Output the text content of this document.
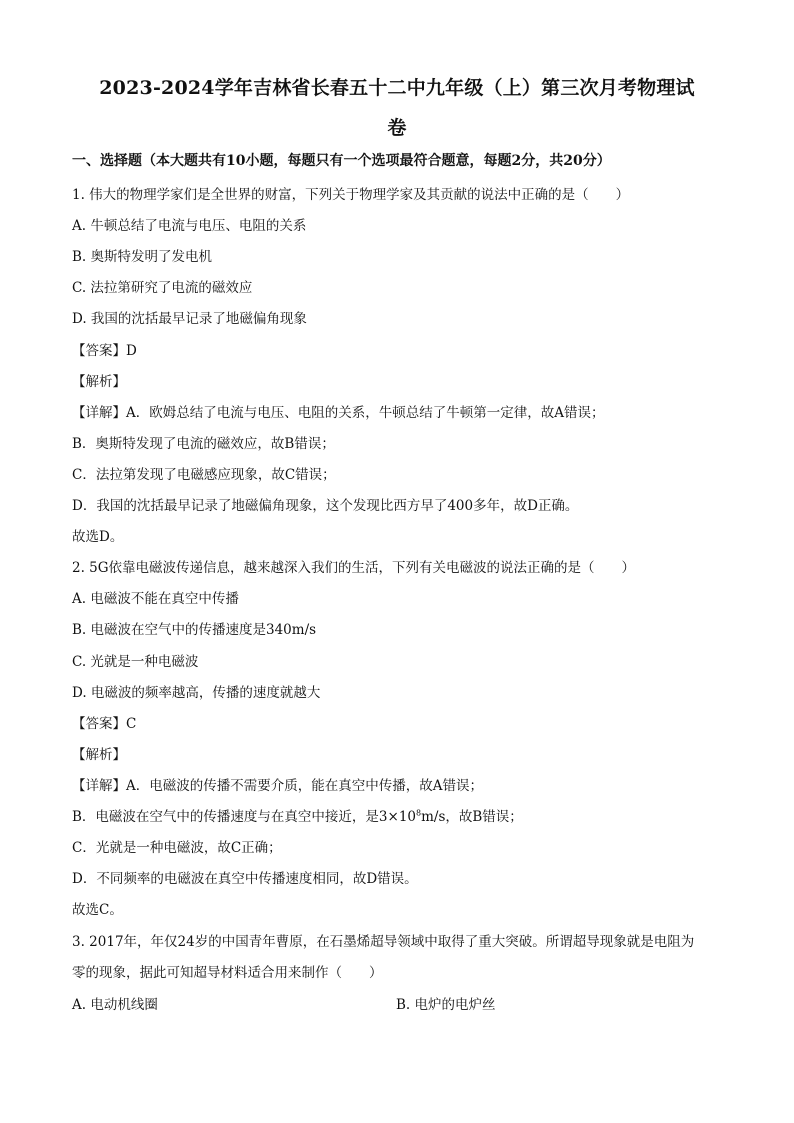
2023-2024学年吉林省长春五十二中九年级（上）第三次月考物理试
卷
一、选择题（本大题共有10小题，每题只有一个选项最符合题意，每题2分，共20分）
1. 伟大的物理学家们是全世界的财富，下列关于物理学家及其贡献的说法中正确的是（　　）
A. 牛顿总结了电流与电压、电阻的关系
B. 奥斯特发明了发电机
C. 法拉第研究了电流的磁效应
D. 我国的沈括最早记录了地磁偏角现象
【答案】D
【解析】
【详解】A．欧姆总结了电流与电压、电阻的关系，牛顿总结了牛顿第一定律，故A错误；
B．奥斯特发现了电流的磁效应，故B错误；
C．法拉第发现了电磁感应现象，故C错误；
D．我国的沈括最早记录了地磁偏角现象，这个发现比西方早了400多年，故D正确。
故选D。
2. 5G依靠电磁波传递信息，越来越深入我们的生活，下列有关电磁波的说法正确的是（　　）
A. 电磁波不能在真空中传播
B. 电磁波在空气中的传播速度是340m/s
C. 光就是一种电磁波
D. 电磁波的频率越高，传播的速度就越大
【答案】C
【解析】
【详解】A．电磁波的传播不需要介质，能在真空中传播，故A错误；
B．电磁波在空气中的传播速度与在真空中接近，是$3\times 10^8m/s$，故B错误；
C．光就是一种电磁波，故C正确；
D．不同频率的电磁波在真空中传播速度相同，故D错误。
故选C。
3. 2017年，年仅24岁的中国青年曹原，在石墨烯超导领域中取得了重大突破。所谓超导现象就是电阻为
零的现象，据此可知超导材料适合用来制作（　　）
A. 电动机线圈	B. 电炉的电炉丝
